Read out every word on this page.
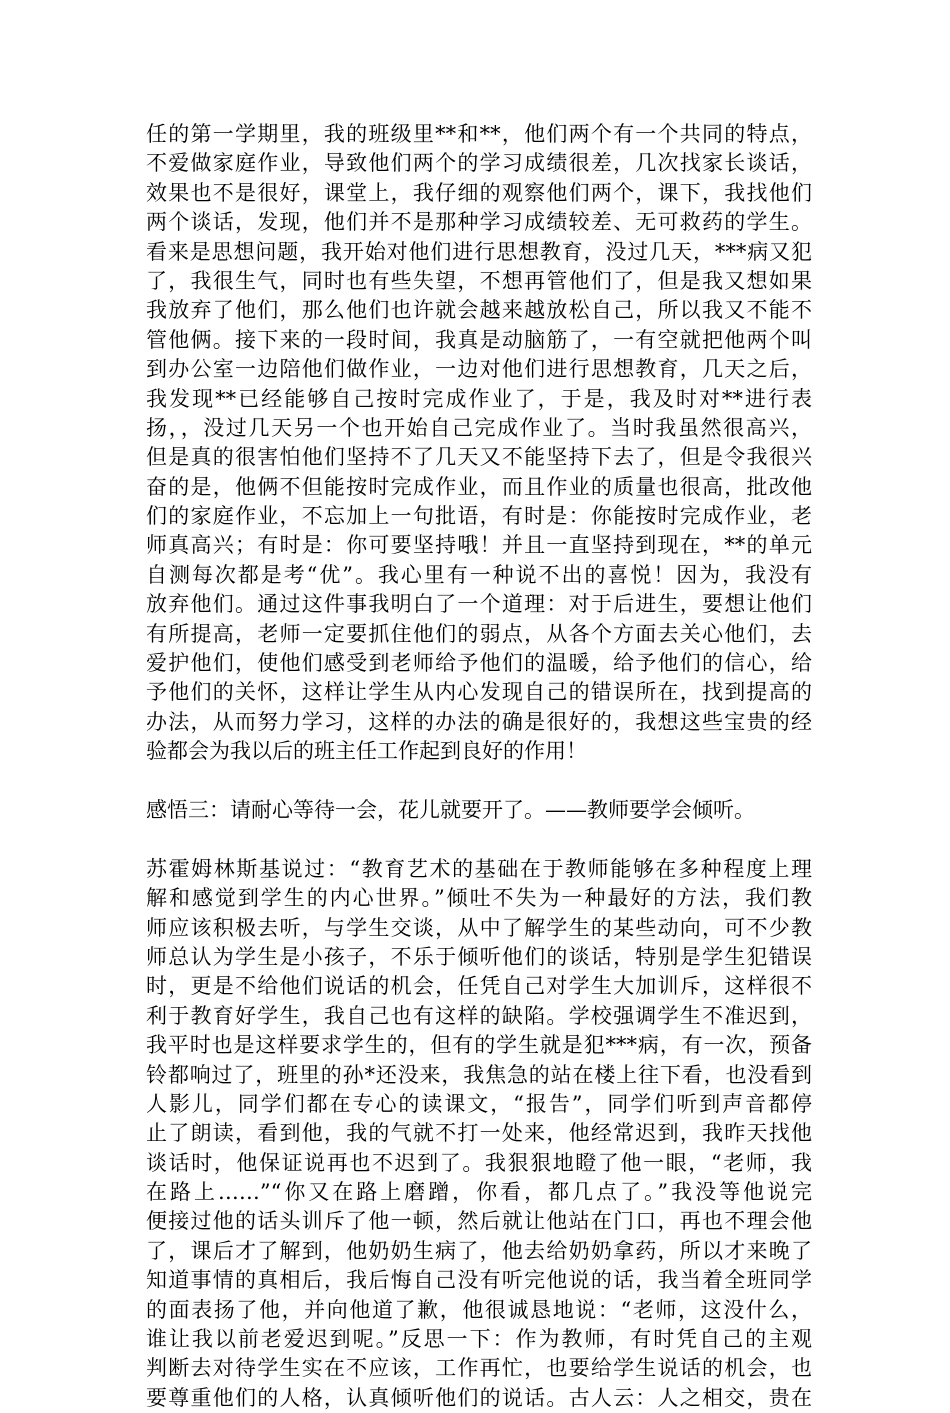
任的第一学期里，我的班级里**和**，他们两个有一个共同的特点，
不爱做家庭作业，导致他们两个的学习成绩很差，几次找家长谈话，
效果也不是很好，课堂上，我仔细的观察他们两个，课下，我找他们
两个谈话，发现，他们并不是那种学习成绩较差、无可救药的学生。
看来是思想问题，我开始对他们进行思想教育，没过几天，***病又犯
了，我很生气，同时也有些失望，不想再管他们了，但是我又想如果
我放弃了他们，那么他们也许就会越来越放松自己，所以我又不能不
管他俩。接下来的一段时间，我真是动脑筋了，一有空就把他两个叫
到办公室一边陪他们做作业，一边对他们进行思想教育，几天之后，
我发现**已经能够自己按时完成作业了，于是，我及时对**进行表
扬，，没过几天另一个也开始自己完成作业了。当时我虽然很高兴，
但是真的很害怕他们坚持不了几天又不能坚持下去了，但是令我很兴
奋的是，他俩不但能按时完成作业，而且作业的质量也很高，批改他
们的家庭作业，不忘加上一句批语，有时是：你能按时完成作业，老
师真高兴；有时是：你可要坚持哦！并且一直坚持到现在，**的单元
自测每次都是考“优”。我心里有一种说不出的喜悦！因为，我没有
放弃他们。通过这件事我明白了一个道理：对于后进生，要想让他们
有所提高，老师一定要抓住他们的弱点，从各个方面去关心他们，去
爱护他们，使他们感受到老师给予他们的温暖，给予他们的信心，给
予他们的关怀，这样让学生从内心发现自己的错误所在，找到提高的
办法，从而努力学习，这样的办法的确是很好的，我想这些宝贵的经
验都会为我以后的班主任工作起到良好的作用！
感悟三：请耐心等待一会，花儿就要开了。——教师要学会倾听。
苏霍姆林斯基说过：“教育艺术的基础在于教师能够在多种程度上理
解和感觉到学生的内心世界。”倾吐不失为一种最好的方法，我们教
师应该积极去听，与学生交谈，从中了解学生的某些动向，可不少教
师总认为学生是小孩子，不乐于倾听他们的谈话，特别是学生犯错误
时，更是不给他们说话的机会，任凭自己对学生大加训斥，这样很不
利于教育好学生，我自己也有这样的缺陷。学校强调学生不准迟到，
我平时也是这样要求学生的，但有的学生就是犯***病，有一次，预备
铃都响过了，班里的孙*还没来，我焦急的站在楼上往下看，也没看到
人影儿，同学们都在专心的读课文，“报告”，同学们听到声音都停
止了朗读，看到他，我的气就不打一处来，他经常迟到，我昨天找他
谈话时，他保证说再也不迟到了。我狠狠地瞪了他一眼，“老师，我
在路上……”“你又在路上磨蹭，你看，都几点了。”我没等他说完
便接过他的话头训斥了他一顿，然后就让他站在门口，再也不理会他
了，课后才了解到，他奶奶生病了，他去给奶奶拿药，所以才来晚了
知道事情的真相后，我后悔自己没有听完他说的话，我当着全班同学
的面表扬了他，并向他道了歉，他很诚恳地说：“老师，这没什么，
谁让我以前老爱迟到呢。”反思一下：作为教师，有时凭自己的主观
判断去对待学生实在不应该，工作再忙，也要给学生说话的机会，也
要尊重他们的人格，认真倾听他们的说话。古人云：人之相交，贵在
